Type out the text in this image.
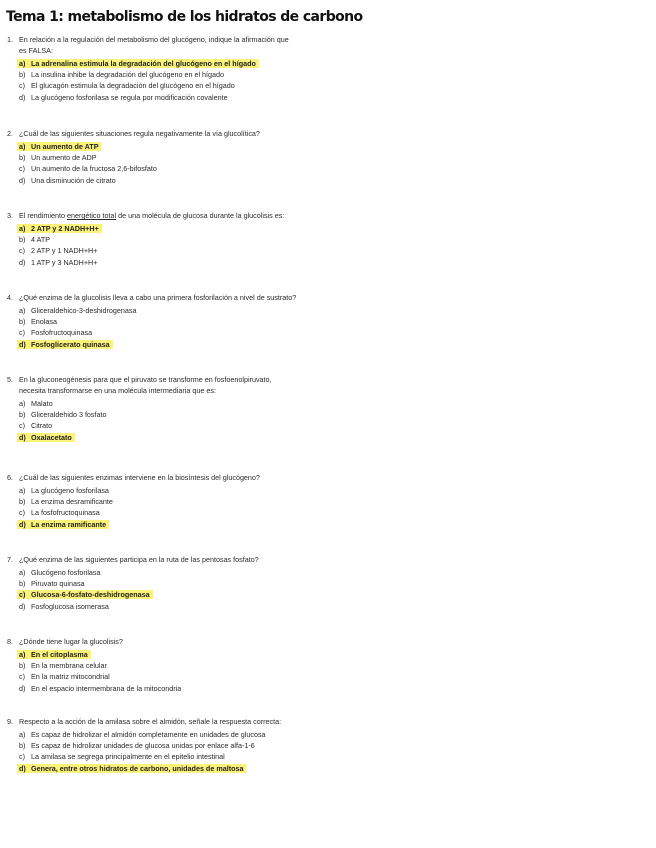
Tema 1: metabolismo de los hidratos de carbono
1. En relación a la regulación del metabolismo del glucógeno, indique la afirmación que
es FALSA:
a) La adrenalina estimula la degradación del glucógeno en el hígado
b) La insulina inhibe la degradación del glucógeno en el hígado
c) El glucagón estimula la degradación del glucógeno en el hígado
d) La glucógeno fosforilasa se regula por modificación covalente
2. ¿Cuál de las siguientes situaciones regula negativamente la vía glucolítica?
a) Un aumento de ATP
b) Un aumento de ADP
c) Un aumento de la fructosa 2,6-bifosfato
d) Una disminución de citrato
3. El rendimiento energético total de una molécula de glucosa durante la glucolisis es:
a) 2 ATP y 2 NADH+H+
b) 4 ATP
c) 2 ATP y 1 NADH+H+
d) 1 ATP y 3 NADH+H+
4. ¿Qué enzima de la glucolisis lleva a cabo una primera fosforilación a nivel de sustrato?
a) Gliceraldehico-3-deshidrogenasa
b) Enolasa
c) Fosfofructoquinasa
d) Fosfoglicerato quinasa
5. En la gluconeogénesis para que el piruvato se transforme en fosfoenolpiruvato,
necesita transformarse en una molécula intermediaria que es:
a) Malato
b) Gliceraldehido 3 fosfato
c) Citrato
d) Oxalacetato
6. ¿Cuál de las siguientes enzimas interviene en la biosíntesis del glucógeno?
a) La glucógeno fosforilasa
b) La enzima desramificante
c) La fosfofructoquinasa
d) La enzima ramificante
7. ¿Qué enzima de las siguientes participa en la ruta de las pentosas fosfato?
a) Glucógeno fosforilasa
b) Piruvato quinasa
c) Glucosa-6-fosfato-deshidrogenasa
d) Fosfoglucosa isomerasa
8. ¿Dónde tiene lugar la glucolisis?
a) En el citoplasma
b) En la membrana celular
c) En la matriz mitocondrial
d) En el espacio intermembrana de la mitocondria
9. Respecto a la acción de la amilasa sobre el almidón, señale la respuesta correcta:
a) Es capaz de hidrolizar el almidón completamente en unidades de glucosa
b) Es capaz de hidrolizar unidades de glucosa unidas por enlace alfa-1-6
c) La amilasa se segrega principalmente en el epitelio intestinal
d) Genera, entre otros hidratos de carbono, unidades de maltosa
